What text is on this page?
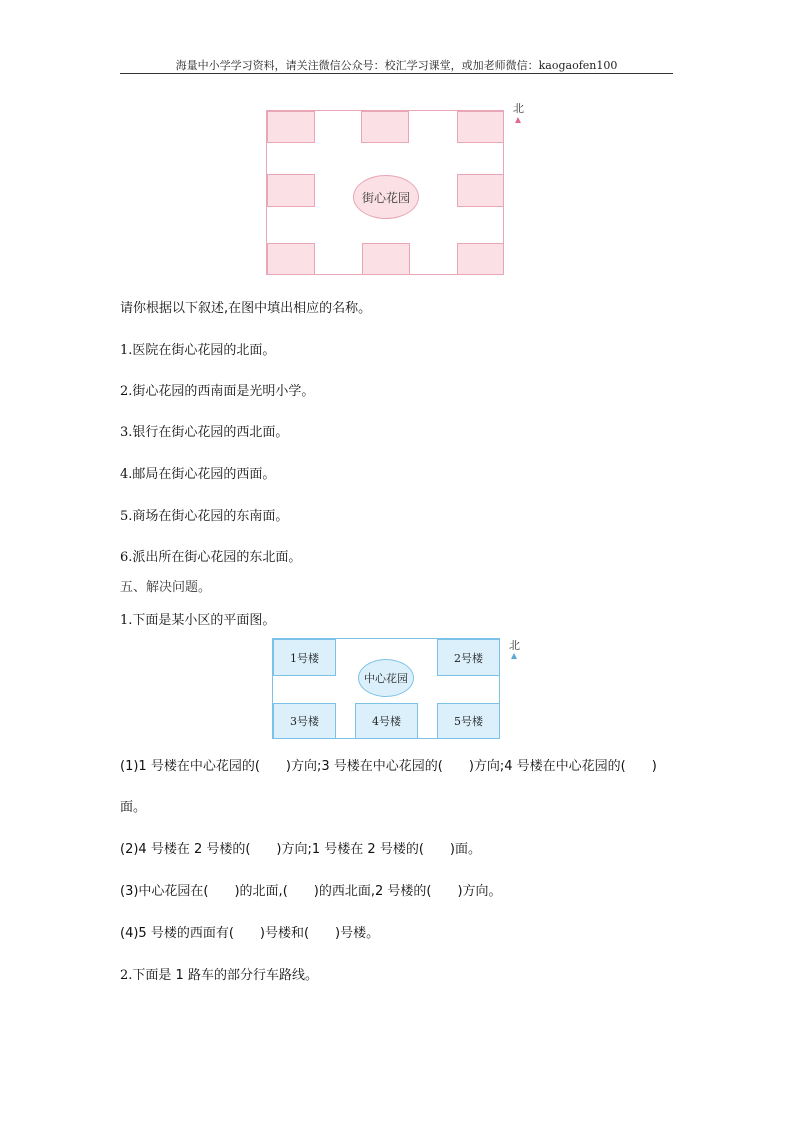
海量中小学学习资料，请关注微信公众号：校汇学习课堂，或加老师微信：kaogaofen100
街心花园
北
请你根据以下叙述,在图中填出相应的名称。
1.医院在街心花园的北面。
2.街心花园的西南面是光明小学。
3.银行在街心花园的西北面。
4.邮局在街心花园的西面。
5.商场在街心花园的东南面。
6.派出所在街心花园的东北面。
五、解决问题。
1.下面是某小区的平面图。
1号楼	2号楼
3号楼	4号楼	5号楼
中心花园
北
(1)1 号楼在中心花园的(　　)方向;3 号楼在中心花园的(　　)方向;4 号楼在中心花园的(　　)
面。
(2)4 号楼在 2 号楼的(　　)方向;1 号楼在 2 号楼的(　　)面。
(3)中心花园在(　　)的北面,(　　)的西北面,2 号楼的(　　)方向。
(4)5 号楼的西面有(　　)号楼和(　　)号楼。
2.下面是 1 路车的部分行车路线。
